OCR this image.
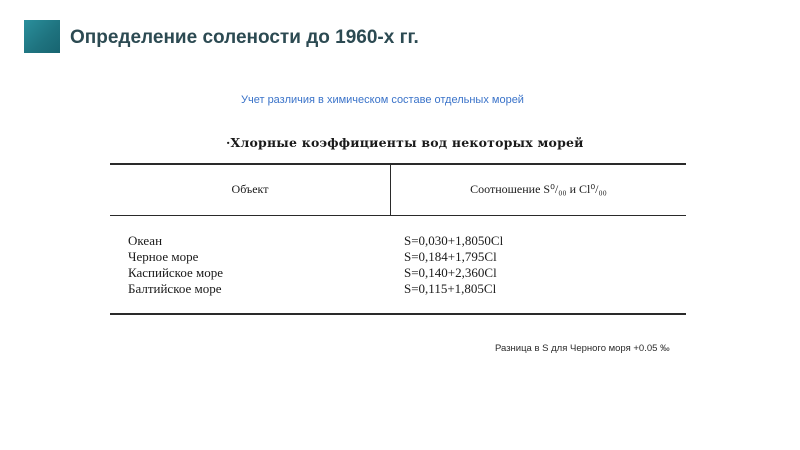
Определение солености до 1960-х гг.
Учет различия в химическом составе отдельных морей
·Хлорные коэффициенты вод некоторых морей
Объект	Соотношение S⁰/₀₀ и Cl⁰/₀₀
Океан
Черное море
Каспийское море
Балтийское море
S=0,030+1,8050Cl
S=0,184+1,795Cl
S=0,140+2,360Cl
S=0,115+1,805Cl
Разница в S для Черного моря +0.05 ‰
